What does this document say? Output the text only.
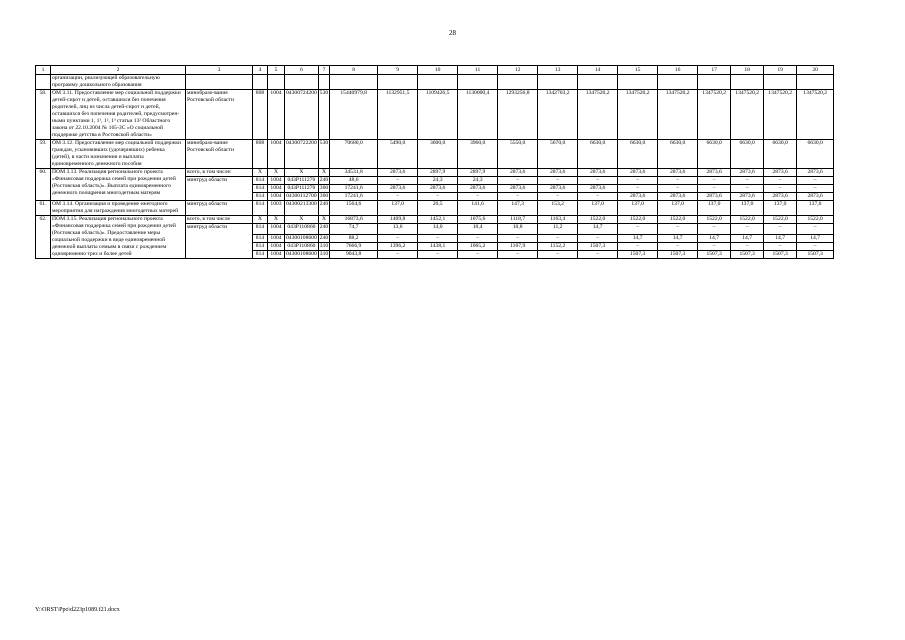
28
1	2	3	4	5	6	7	8	9	10	11	12	13	14	15	16	17	18	19	20
	организации, реализующей образовательную программу дошкольного образования																		
58.	ОМ 3.11. Предоставление мер социальной поддержки детей-сирот и детей, оставшихся без попечения родителей, лиц из числа детей-сирот и детей, оставшихся без попечения родителей, предусмотрен-ными пунктами 1, 1¹, 1², 1³ статьи 13² Областного закона от 22.10.2004 № 165-ЗС «О социальной поддержке детства в Ростовской области»	минобразо-вание Ростовской области	808	1004	04300724200	530	15440979,8	1132951,5	1109426,5	1130000,4	1293256,8	1342703,2	1347520,2	1347520,2	1347520,2	1347520,2	1347520,2	1347520,2	1347520,2
59.	ОМ 3.12. Предоставление мер социальной поддержки граждан, усыновивших (удочеривших) ребенка (детей), в части назначения и выплаты единовременного денежного пособия	минобразо-вание Ростовской области	808	1004	04300722200	530	70680,0	5490,0	3600,0	3960,0	5550,0	5670,0	6630,0	6630,0	6630,0	6630,0	6630,0	6630,0	6630,0
60.	ПОМ 3.13. Реализация регионального проекта «Финансовая поддержка семей при рождении детей (Ростовская область)». Выплата единовременного денежного поощрения многодетным матерям	всего, в том числе:	X	X	X	X	34531,8	2873,6	2897,9	2897,9	2873,6	2873,6	2873,6	2873,6	2873,6	2873,6	2873,6	2873,6	2873,6
		минтруд области	814	1004	043P111270	240	48,6	–	24,3	24,3	–	–	–	–	–	–	–	–	–
			814	1004	043P111270	360	17241,6	2873,6	2873,6	2873,6	2873,6	2873,6	2873,6	–	–	–	–	–	–
			814	1004	04300112700	360	17241,6	–	–	–	–	–	–	2873,6	2873,6	2873,6	2873,6	2873,6	2873,6
61.	ОМ 3.14. Организация и проведение ежегодного мероприятия для награждения многодетных матерей	минтруд области	814	1003	04300213300	240	1564,6	137,0	26,5	141,6	147,3	153,2	137,0	137,0	137,0	137,0	137,0	137,0	137,0
62.	ПОМ 3.15. Реализация регионального проекта «Финансовая поддержка семей при рождении детей (Ростовская область)». Предоставление меры социальной поддержки в виде единовременной денежной выплаты семьям в связи с рождением одновременно трех и более детей	всего, в том числе	X	X	X	X	16873,6	1409,8	1452,1	1075,6	1118,7	1163,4	1522,0	1522,0	1522,0	1522,0	1522,0	1522,0	1522,0
		минтруд области	814	1004	043P110860	240	74,7	13,6	14,0	10,4	10,8	11,2	14,7	–	–	–	–	–	–
			814	1004	04300108600	240	88,2	–	–	–	–	–	–	14,7	14,7	14,7	14,7	14,7	14,7
			814	1004	043P110860	310	7666,9	1396,2	1438,1	1065,2	1107,9	1152,2	1507,3	–	–	–	–	–	–
			814	1004	04300108600	310	9043,8	–	–	–	–	–	–	1507,3	1507,3	1507,3	1507,3	1507,3	1507,3
Y:\ORST\Ppo\d223p1089.f21.docx
